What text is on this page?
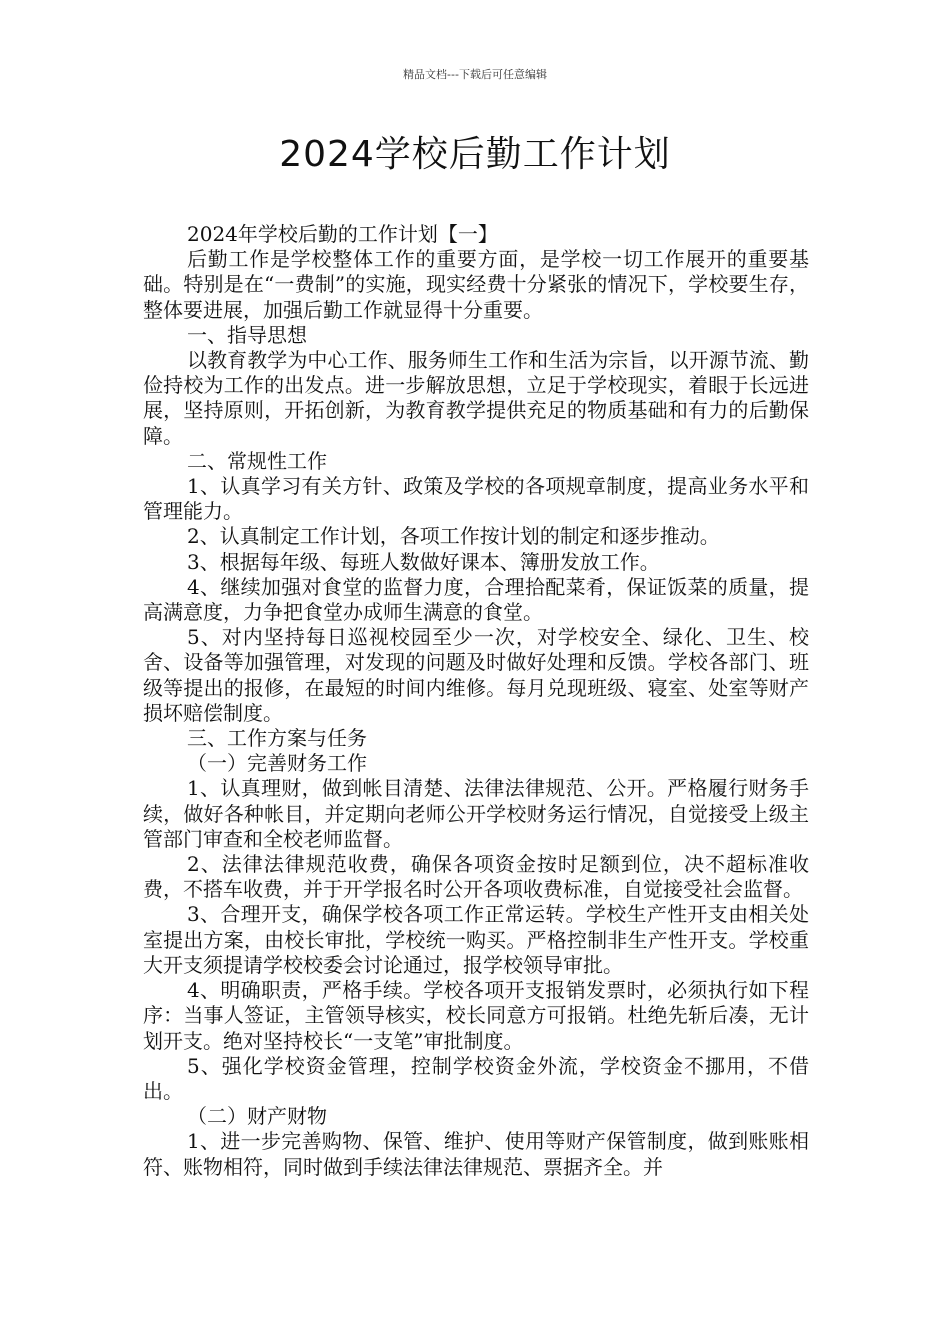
精品文档---下载后可任意编辑
2024学校后勤工作计划

2024年学校后勤的工作计划【一】

后勤工作是学校整体工作的重要方面，是学校一切工作展开的重要基础。特别是在“一费制”的实施，现实经费十分紧张的情况下，学校要生存，整体要进展，加强后勤工作就显得十分重要。

一、指导思想

以教育教学为中心工作、服务师生工作和生活为宗旨，以开源节流、勤俭持校为工作的出发点。进一步解放思想，立足于学校现实，着眼于长远进展，坚持原则，开拓创新，为教育教学提供充足的物质基础和有力的后勤保障。

二、常规性工作

1、认真学习有关方针、政策及学校的各项规章制度，提高业务水平和管理能力。

2、认真制定工作计划，各项工作按计划的制定和逐步推动。

3、根据每年级、每班人数做好课本、簿册发放工作。

4、继续加强对食堂的监督力度，合理拾配菜肴，保证饭菜的质量，提高满意度，力争把食堂办成师生满意的食堂。

5、对内坚持每日巡视校园至少一次，对学校安全、绿化、卫生、校舍、设备等加强管理，对发现的问题及时做好处理和反馈。学校各部门、班级等提出的报修，在最短的时间内维修。每月兑现班级、寝室、处室等财产损坏赔偿制度。

三、工作方案与任务

（一）完善财务工作

1、认真理财，做到帐目清楚、法律法律规范、公开。严格履行财务手续，做好各种帐目，并定期向老师公开学校财务运行情况，自觉接受上级主管部门审查和全校老师监督。

2、法律法律规范收费，确保各项资金按时足额到位，决不超标准收费，不搭车收费，并于开学报名时公开各项收费标准，自觉接受社会监督。

3、合理开支，确保学校各项工作正常运转。学校生产性开支由相关处室提出方案，由校长审批，学校统一购买。严格控制非生产性开支。学校重大开支须提请学校校委会讨论通过，报学校领导审批。

4、明确职责，严格手续。学校各项开支报销发票时，必须执行如下程序：当事人签证，主管领导核实，校长同意方可报销。杜绝先斩后凑，无计划开支。绝对坚持校长“一支笔”审批制度。

5、强化学校资金管理，控制学校资金外流，学校资金不挪用，不借出。

（二）财产财物

1、进一步完善购物、保管、维护、使用等财产保管制度，做到账账相符、账物相符，同时做到手续法律法律规范、票据齐全。并
